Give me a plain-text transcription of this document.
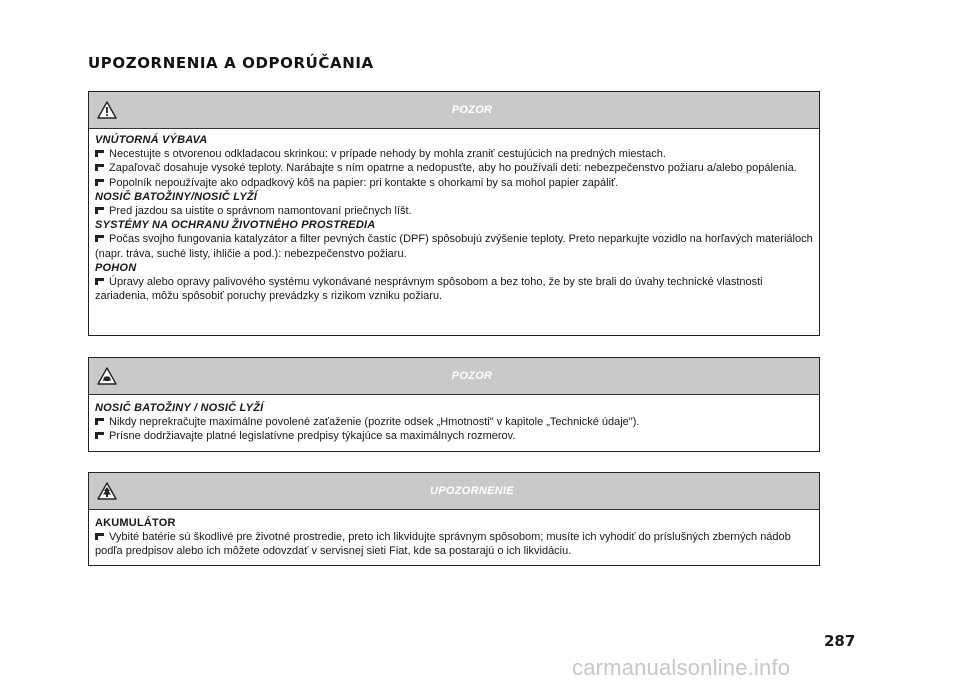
UPOZORNENIA A ODPORÚČANIA
POZOR

VNÚTORNÁ VÝBAVA

Necestujte s otvorenou odkladacou skrinkou: v prípade nehody by mohla zraniť cestujúcich na predných miestach.

Zapaľovač dosahuje vysoké teploty. Narábajte s ním opatrne a nedopusťte, aby ho používali deti: nebezpečenstvo požiaru a/alebo popálenia.

Popolník nepoužívajte ako odpadkový kôš na papier: pri kontakte s ohorkami by sa mohol papier zapáliť.

NOSIČ BATOŽINY/NOSIČ LYŽÍ

Pred jazdou sa uistite o správnom namontovaní priečnych líšt.

SYSTÉMY NA OCHRANU ŽIVOTNÉHO PROSTREDIA

Počas svojho fungovania katalyzátor a filter pevných častíc (DPF) spôsobujú zvýšenie teploty. Preto neparkujte vozidlo na horľavých materiáloch (napr. tráva, suché listy, ihličie a pod.): nebezpečenstvo požiaru.

POHON

Úpravy alebo opravy palivového systému vykonávané nesprávnym spôsobom a bez toho, že by ste brali do úvahy technické vlastnosti zariadenia, môžu spôsobiť poruchy prevádzky s rizikom vzniku požiaru.

POZOR

NOSIČ BATOŽINY / NOSIČ LYŽÍ

Nikdy neprekračujte maximálne povolené zaťaženie (pozrite odsek „Hmotnosti" v kapitole „Technické údaje").

Prísne dodržiavajte platné legislatívne predpisy týkajúce sa maximálnych rozmerov.

UPOZORNENIE

AKUMULÁTOR

Vybité batérie sú škodlivé pre životné prostredie, preto ich likvidujte správnym spôsobom; musíte ich vyhodiť do príslušných zberných nádob podľa predpisov alebo ich môžete odovzdať v servisnej sieti Fiat, kde sa postarajú o ich likvidáciu.

287
carmanualsonline.info
